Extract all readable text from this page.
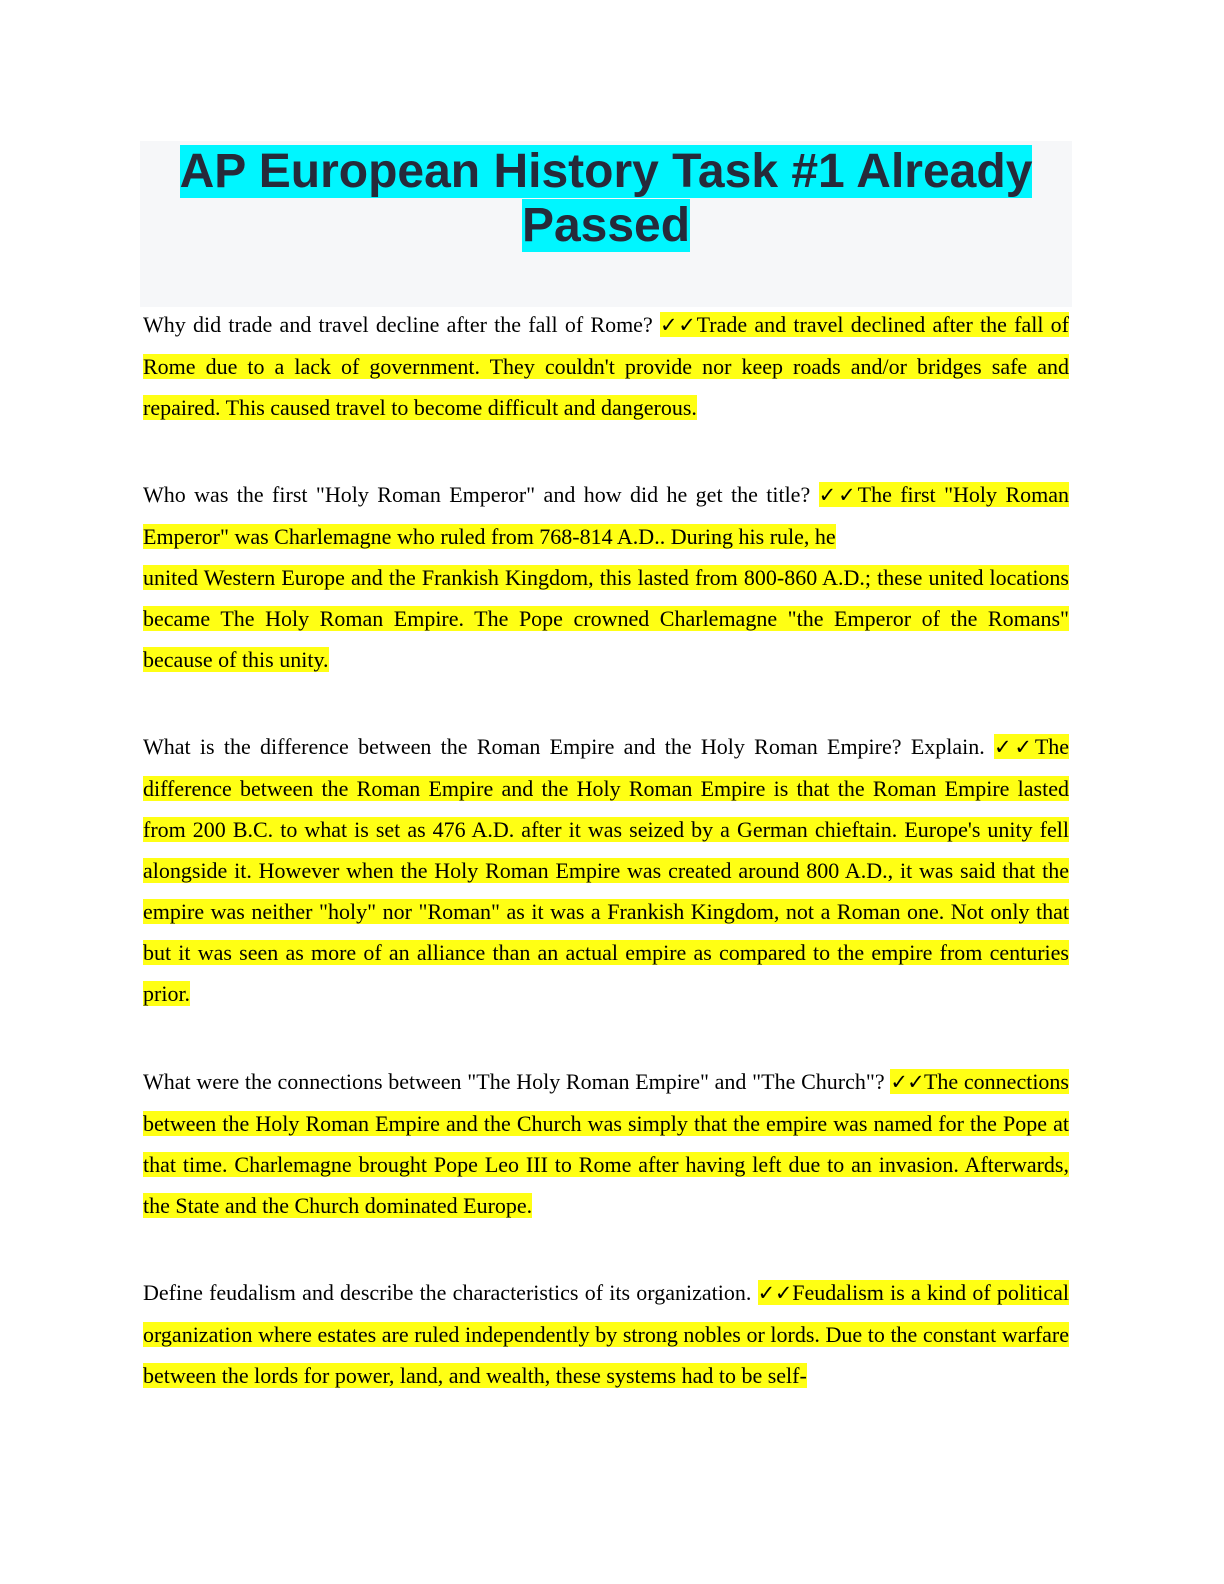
AP European History Task #1 Already Passed
Why did trade and travel decline after the fall of Rome? ✓✓Trade and travel declined after the fall of Rome due to a lack of government. They couldn't provide nor keep roads and/or bridges safe and repaired. This caused travel to become difficult and dangerous.
Who was the first "Holy Roman Emperor" and how did he get the title? ✓✓The first "Holy Roman Emperor" was Charlemagne who ruled from 768-814 A.D.. During his rule, he
united Western Europe and the Frankish Kingdom, this lasted from 800-860 A.D.; these united locations became The Holy Roman Empire. The Pope crowned Charlemagne "the Emperor of the Romans" because of this unity.
What is the difference between the Roman Empire and the Holy Roman Empire? Explain. ✓✓The difference between the Roman Empire and the Holy Roman Empire is that the Roman Empire lasted from 200 B.C. to what is set as 476 A.D. after it was seized by a German chieftain. Europe's unity fell alongside it. However when the Holy Roman Empire was created around 800 A.D., it was said that the empire was neither "holy" nor "Roman" as it was a Frankish Kingdom, not a Roman one. Not only that but it was seen as more of an alliance than an actual empire as compared to the empire from centuries prior.
What were the connections between "The Holy Roman Empire" and "The Church"? ✓✓The connections between the Holy Roman Empire and the Church was simply that the empire was named for the Pope at that time. Charlemagne brought Pope Leo III to Rome after having left due to an invasion. Afterwards, the State and the Church dominated Europe.
Define feudalism and describe the characteristics of its organization. ✓✓Feudalism is a kind of political organization where estates are ruled independently by strong nobles or lords. Due to the constant warfare between the lords for power, land, and wealth, these systems had to be self-
